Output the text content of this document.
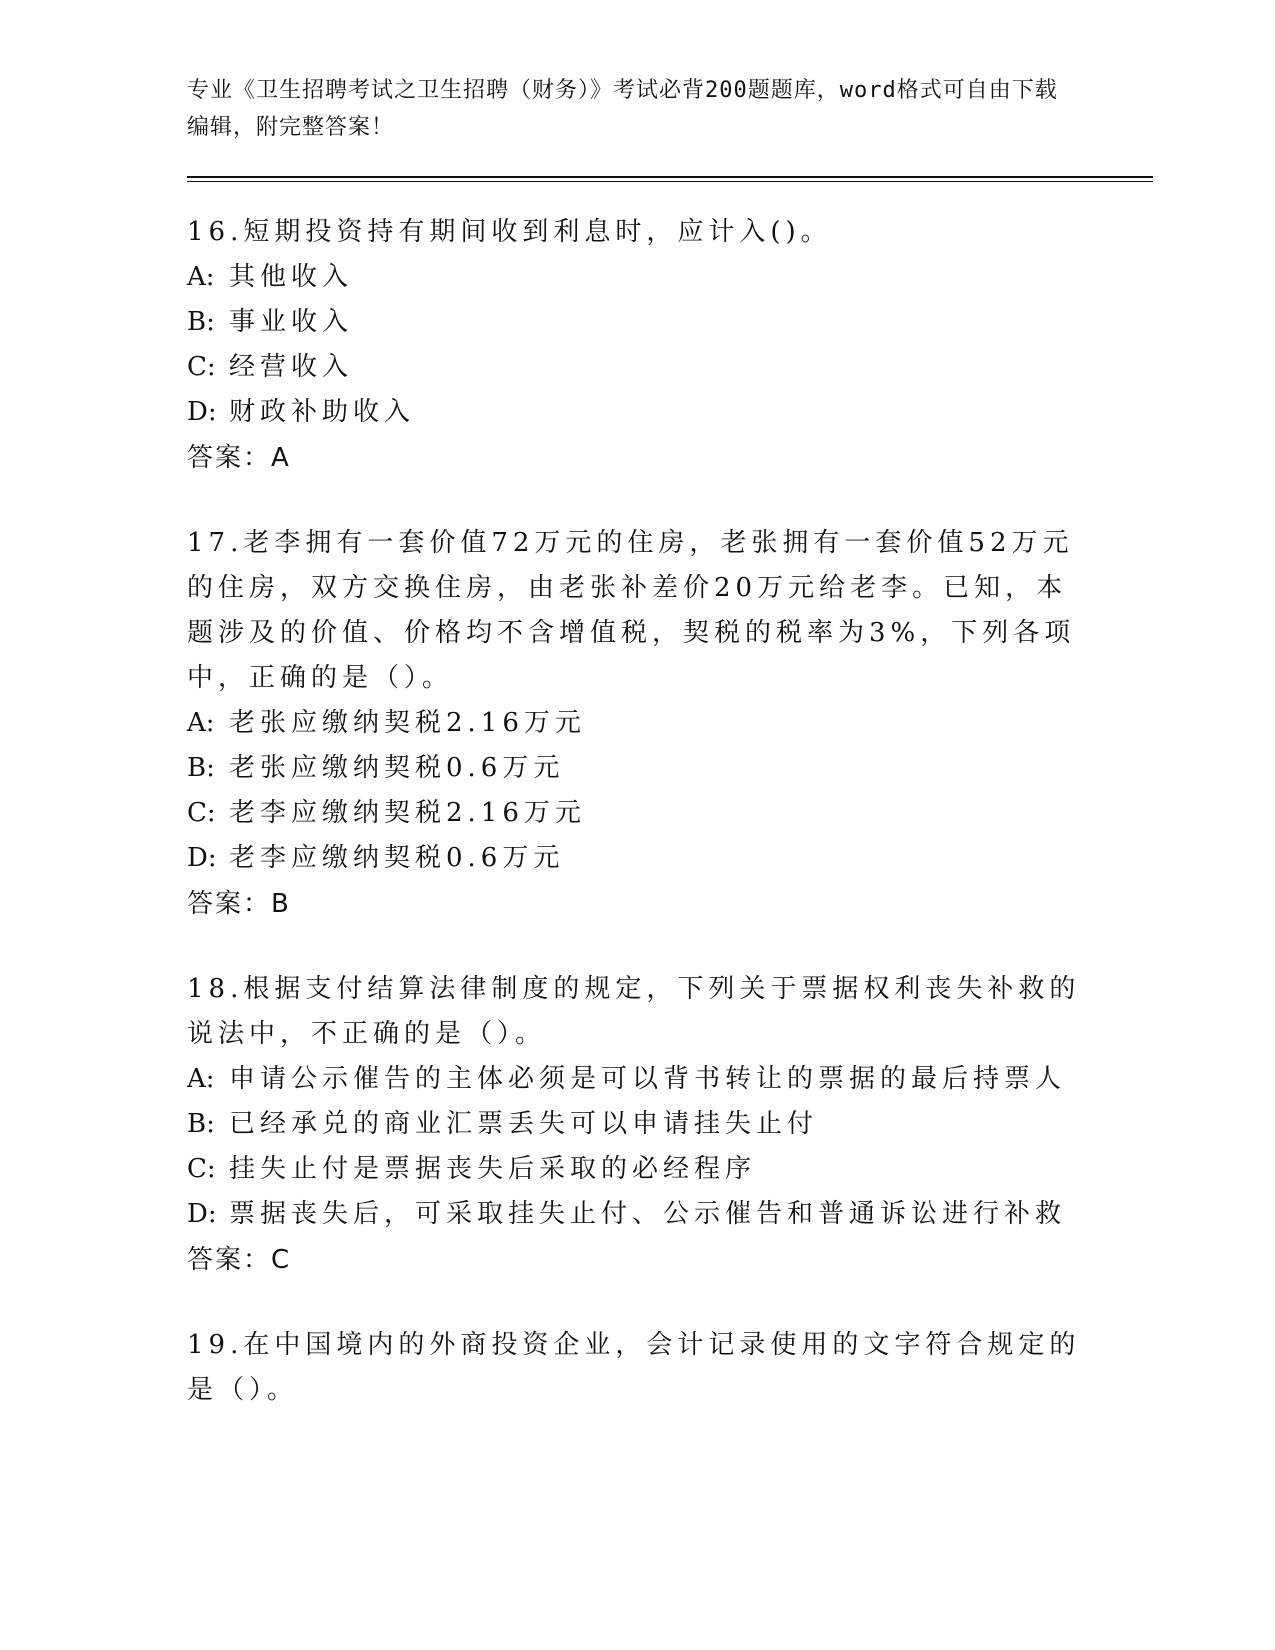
专业《卫生招聘考试之卫生招聘（财务）》考试必背200题题库，word格式可自由下载编辑，附完整答案！
16.短期投资持有期间收到利息时，应计入()。
A: 其他收入
B: 事业收入
C: 经营收入
D: 财政补助收入
答案：A
17.老李拥有一套价值72万元的住房，老张拥有一套价值52万元的住房，双方交换住房，由老张补差价20万元给老李。已知，本题涉及的价值、价格均不含增值税，契税的税率为3%，下列各项中，正确的是（）。
A: 老张应缴纳契税2.16万元
B: 老张应缴纳契税0.6万元
C: 老李应缴纳契税2.16万元
D: 老李应缴纳契税0.6万元
答案：B
18.根据支付结算法律制度的规定，下列关于票据权利丧失补救的说法中，不正确的是（）。
A: 申请公示催告的主体必须是可以背书转让的票据的最后持票人
B: 已经承兑的商业汇票丢失可以申请挂失止付
C: 挂失止付是票据丧失后采取的必经程序
D: 票据丧失后，可采取挂失止付、公示催告和普通诉讼进行补救
答案：C
19.在中国境内的外商投资企业，会计记录使用的文字符合规定的是（）。
